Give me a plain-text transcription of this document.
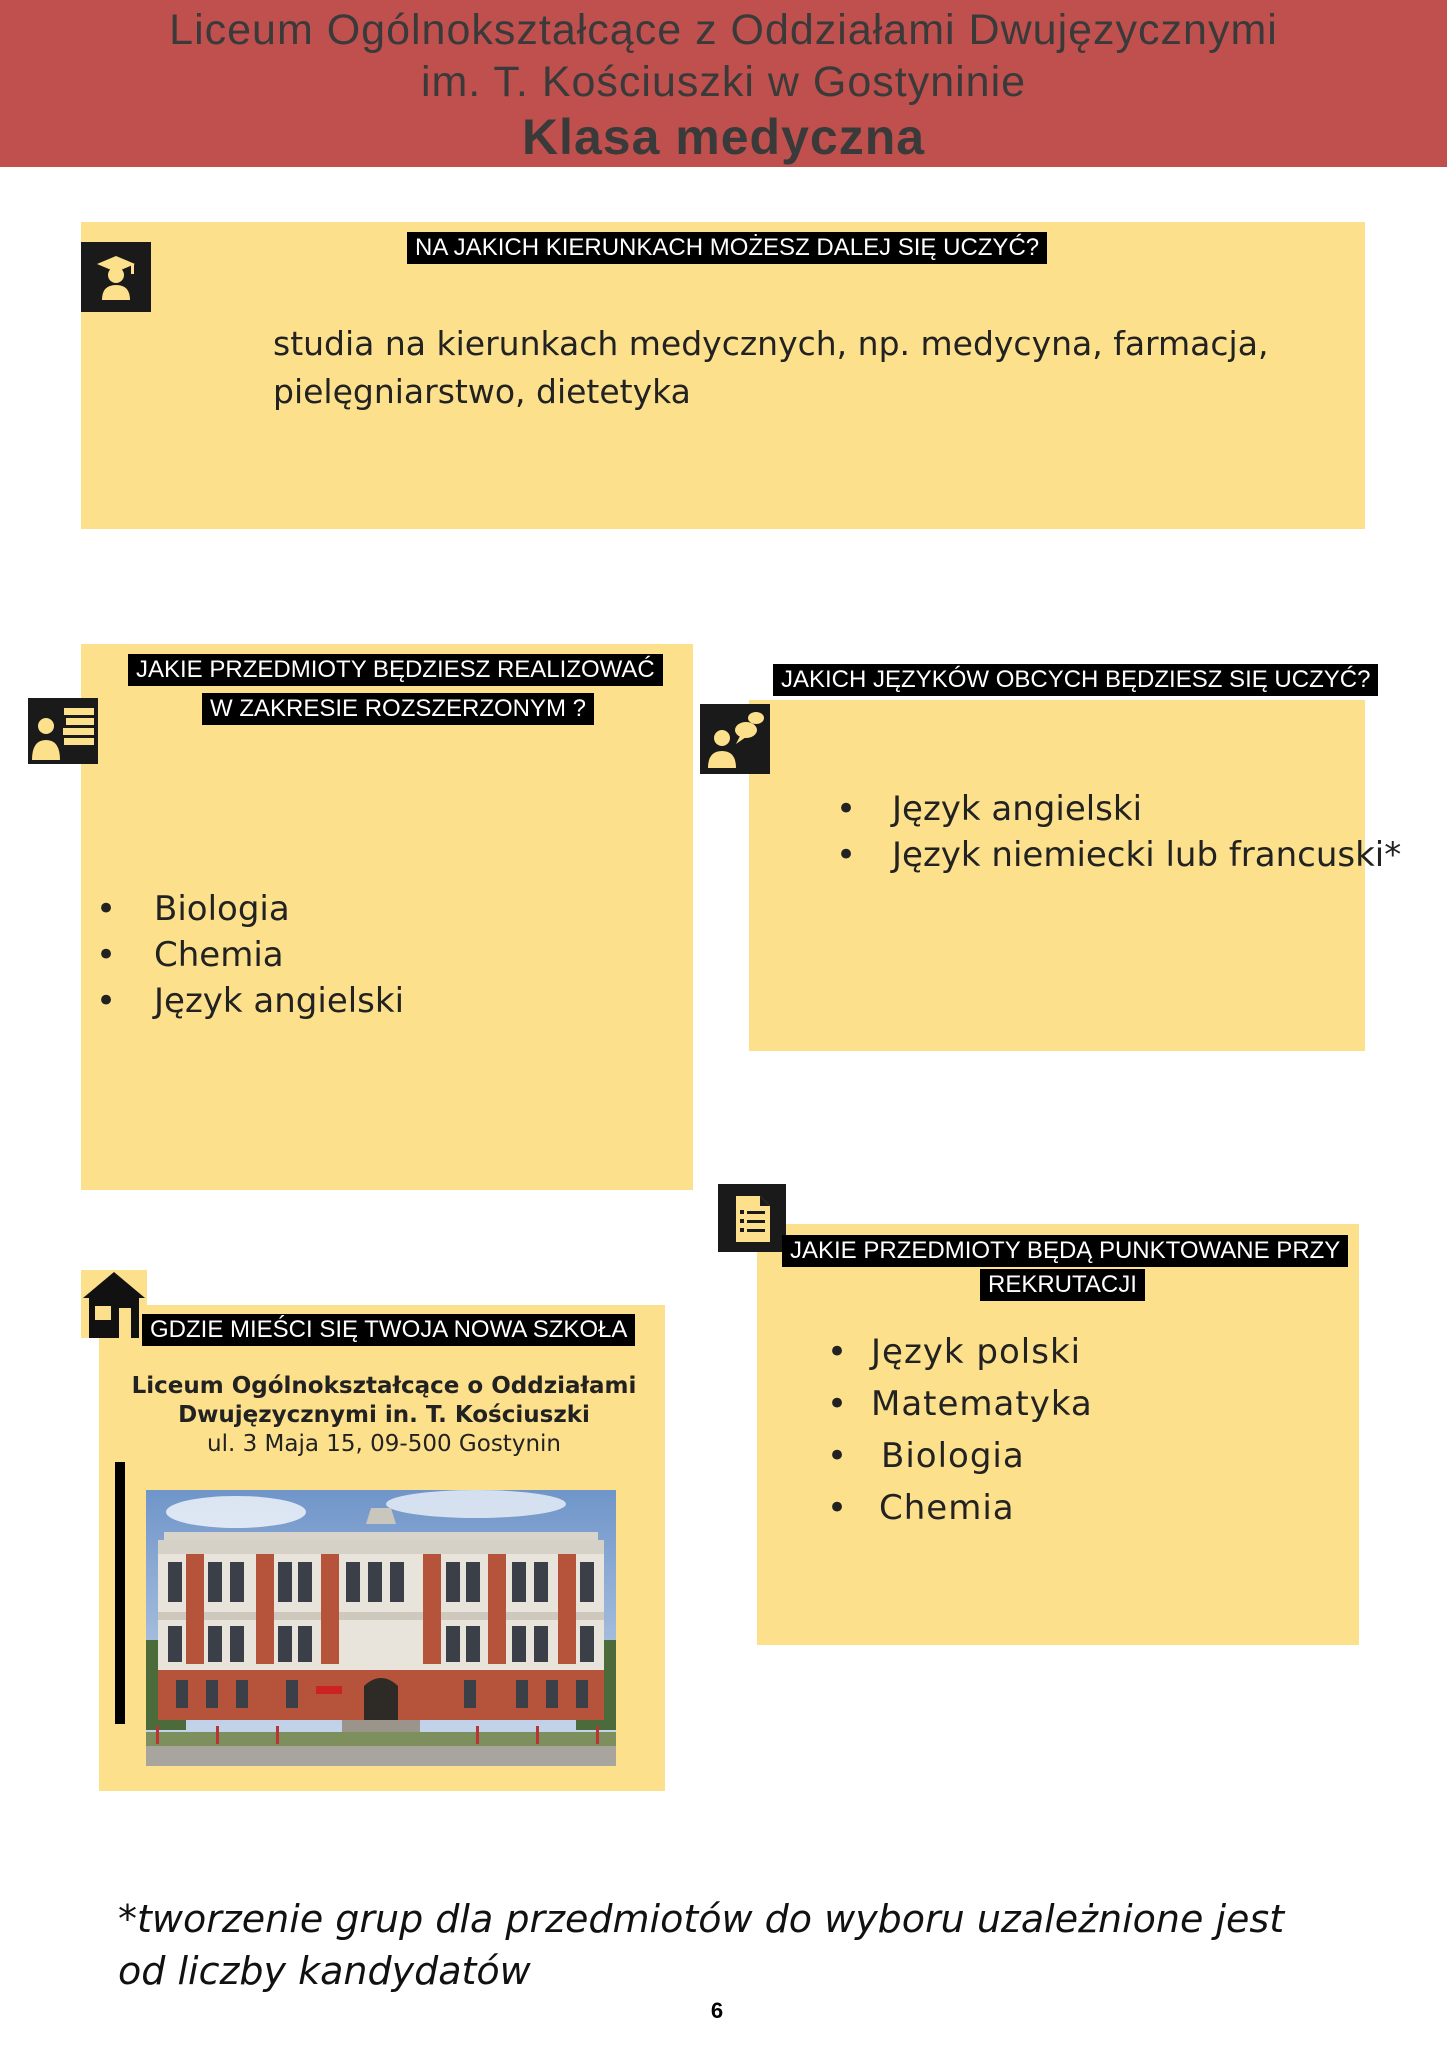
Liceum Ogólnokształcące z Oddziałami Dwujęzycznymi
im. T. Kościuszki w Gostyninie
Klasa medyczna
NA JAKICH KIERUNKACH MOŻESZ DALEJ SIĘ UCZYĆ?
studia na kierunkach medycznych, np. medycyna, farmacja,
pielęgniarstwo, dietetyka
JAKIE PRZEDMIOTY BĘDZIESZ REALIZOWAĆ
W ZAKRESIE ROZSZERZONYM ?
• Biologia
• Chemia
• Język angielski
JAKICH JĘZYKÓW OBCYCH BĘDZIESZ SIĘ UCZYĆ?
• Język angielski
• Język niemiecki lub francuski*
GDZIE MIEŚCI SIĘ TWOJA NOWA SZKOŁA
Liceum Ogólnokształcące o Oddziałami
Dwujęzycznymi in. T. Kościuszki
ul. 3 Maja 15, 09-500 Gostynin
JAKIE PRZEDMIOTY BĘDĄ PUNKTOWANE PRZY
REKRUTACJI
• Język polski
• Matematyka
• Biologia
• Chemia
*tworzenie grup dla przedmiotów do wyboru uzależnione jest
od liczby kandydatów
6
